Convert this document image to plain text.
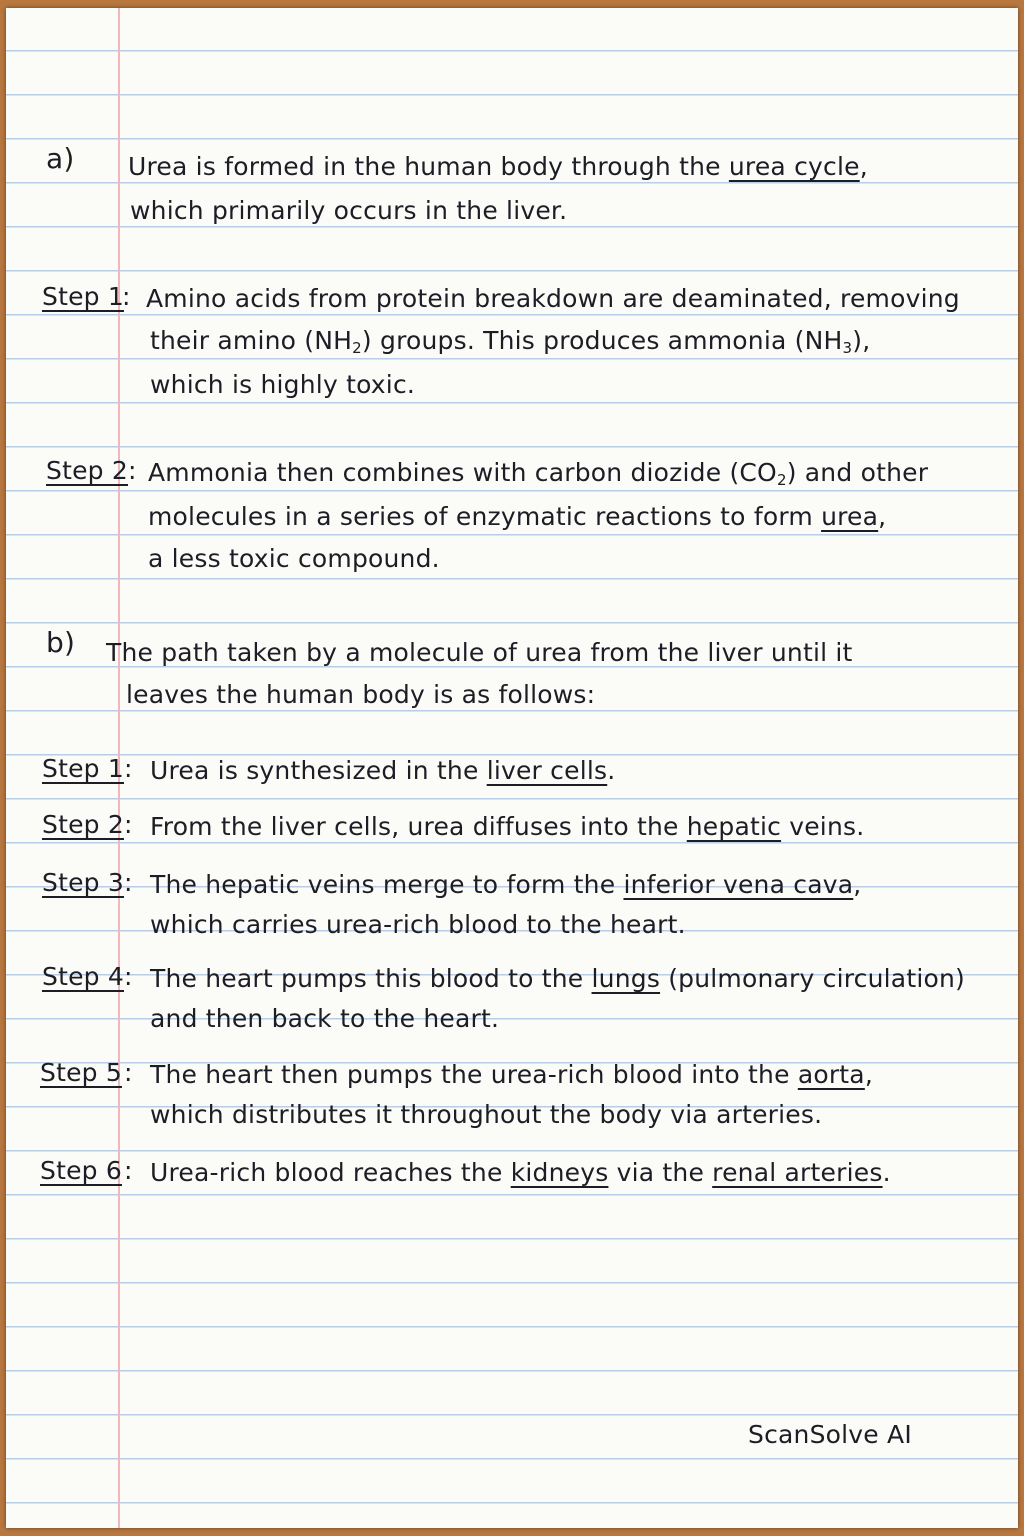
a) Urea is formed in the human body through the urea cycle,
which primarily occurs in the liver.
Step 1
: Amino acids from protein breakdown are deaminated, removing
their amino $(NH_2)$ groups. This produces ammonia $(NH_3)$,
which is highly toxic.
Step 2 : Ammonia then combines with carbon diozide $(CO_2)$ and other
molecules in a series of enzymatic reactions to form urea,
a less toxic compound.
b) The path taken by a molecule of urea from the liver until it
leaves the human body is as follows:
Step 1 : Urea is synthesized in the liver cells.
Step 2 : From the liver cells, urea diffuses into the hepatic veins.
Step 3 : The hepatic veins merge to form the inferior vena cava,
which carries urea-rich blood to the heart.
Step 4 : The heart pumps this blood to the lungs (pulmonary circulation)
and then back to the heart.
Step 5 : The heart then pumps the urea-rich blood into the aorta,
which distributes it throughout the body via arteries.
Step 6 : Urea-rich blood reaches the kidneys via the renal arteries.
ScanSolve AI
